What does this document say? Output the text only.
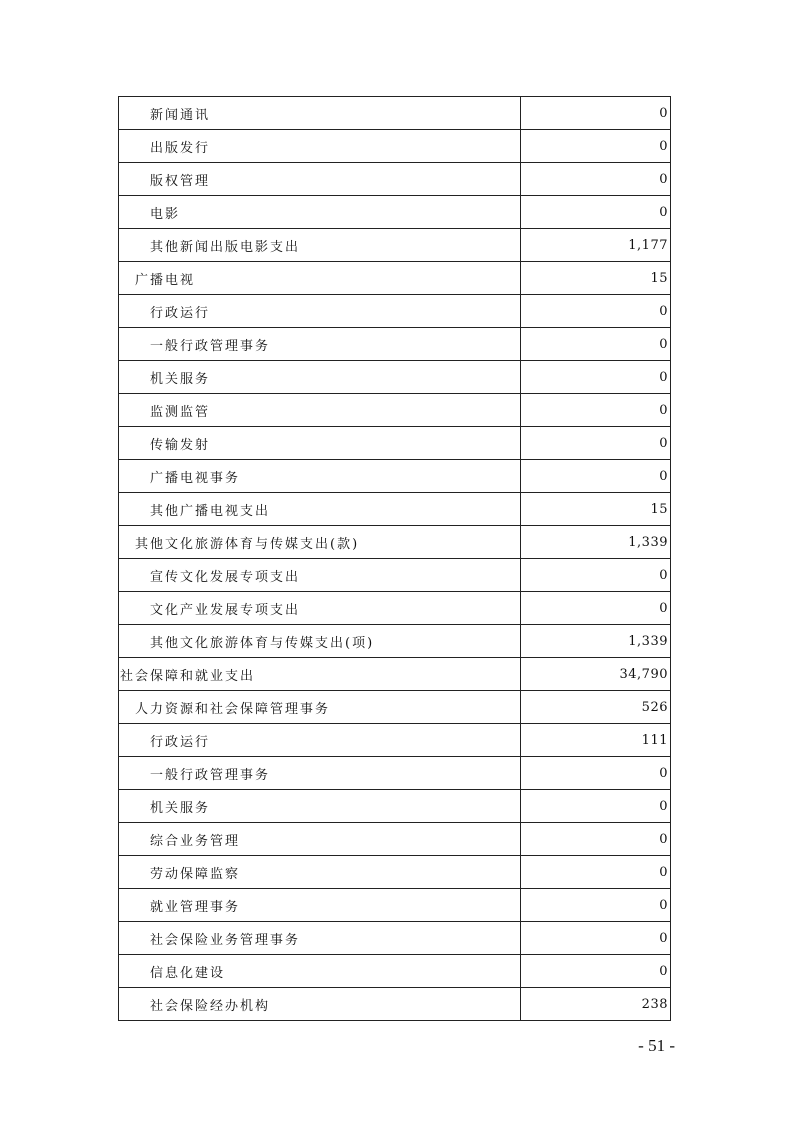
新闻通讯	0
出版发行	0
版权管理	0
电影	0
其他新闻出版电影支出	1,177
广播电视	15
行政运行	0
一般行政管理事务	0
机关服务	0
监测监管	0
传输发射	0
广播电视事务	0
其他广播电视支出	15
其他文化旅游体育与传媒支出(款)	1,339
宣传文化发展专项支出	0
文化产业发展专项支出	0
其他文化旅游体育与传媒支出(项)	1,339
社会保障和就业支出	34,790
人力资源和社会保障管理事务	526
行政运行	111
一般行政管理事务	0
机关服务	0
综合业务管理	0
劳动保障监察	0
就业管理事务	0
社会保险业务管理事务	0
信息化建设	0
社会保险经办机构	238
- 51 -
